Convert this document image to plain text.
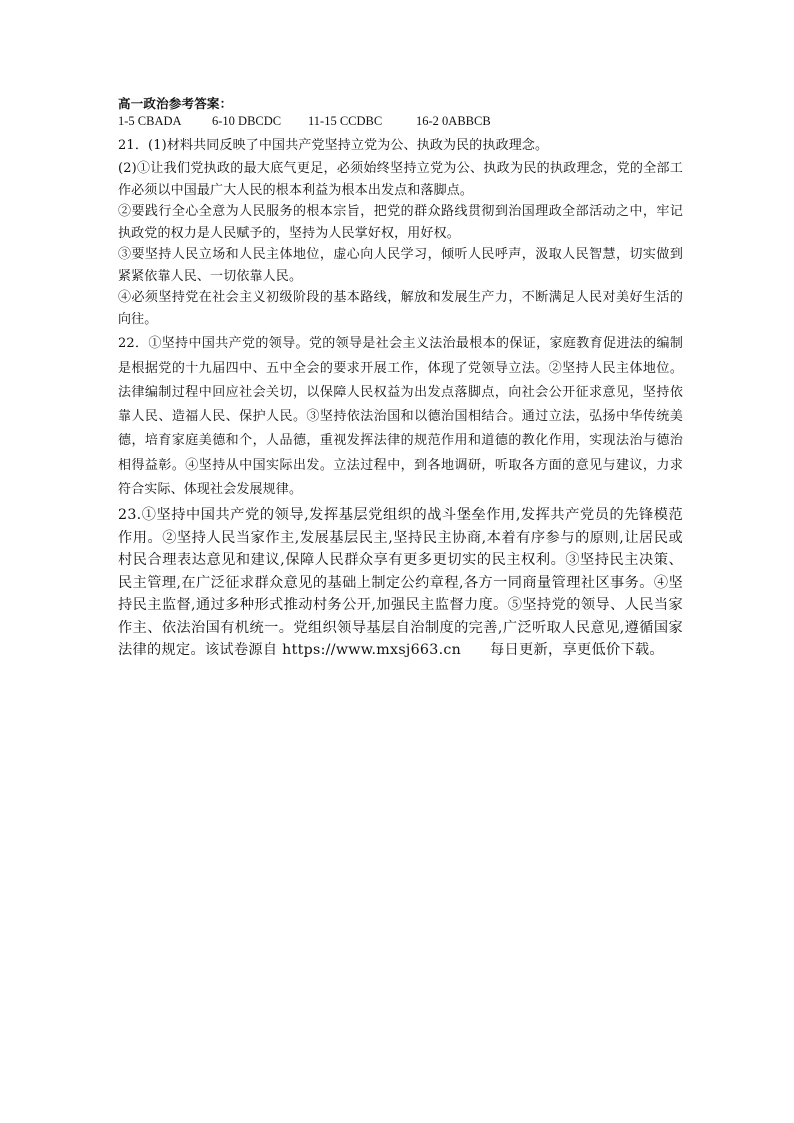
高一政治参考答案：
1-5 CBADA	6-10 DBCDC	11-15 CCDBC	16-2 0ABBCB

21．(1)材料共同反映了中国共产党坚持立党为公、执政为民的执政理念。

(2)①让我们党执政的最大底气更足，必须始终坚持立党为公、执政为民的执政理念，党的全部工作必须以中国最广大人民的根本利益为根本出发点和落脚点。

②要践行全心全意为人民服务的根本宗旨，把党的群众路线贯彻到治国理政全部活动之中，牢记执政党的权力是人民赋予的，坚持为人民掌好权，用好权。

③要坚持人民立场和人民主体地位，虚心向人民学习，倾听人民呼声，汲取人民智慧，切实做到紧紧依靠人民、一切依靠人民。

④必须坚持党在社会主义初级阶段的基本路线，解放和发展生产力，不断满足人民对美好生活的向往。

22．①坚持中国共产党的领导。党的领导是社会主义法治最根本的保证，家庭教育促进法的编制是根据党的十九届四中、五中全会的要求开展工作，体现了党领导立法。②坚持人民主体地位。法律编制过程中回应社会关切，以保障人民权益为出发点落脚点，向社会公开征求意见，坚持依靠人民、造福人民、保护人民。③坚持依法治国和以德治国相结合。通过立法，弘扬中华传统美德，培育家庭美德和个，人品德，重视发挥法律的规范作用和道德的教化作用，实现法治与德治相得益彰。④坚持从中国实际出发。立法过程中，到各地调研，听取各方面的意见与建议，力求符合实际、体现社会发展规律。

23.①坚持中国共产党的领导,发挥基层党组织的战斗堡垒作用,发挥共产党员的先锋模范作用。②坚持人民当家作主,发展基层民主,坚持民主协商,本着有序参与的原则,让居民或村民合理表达意见和建议,保障人民群众享有更多更切实的民主权利。③坚持民主决策、民主管理,在广泛征求群众意见的基础上制定公约章程,各方一同商量管理社区事务。④坚持民主监督,通过多种形式推动村务公开,加强民主监督力度。⑤坚持党的领导、人民当家作主、依法治国有机统一。党组织领导基层自治制度的完善,广泛听取人民意见,遵循国家法律的规定。该试卷源自 https://www.mxsj663.cn　　每日更新，享更低价下载。
